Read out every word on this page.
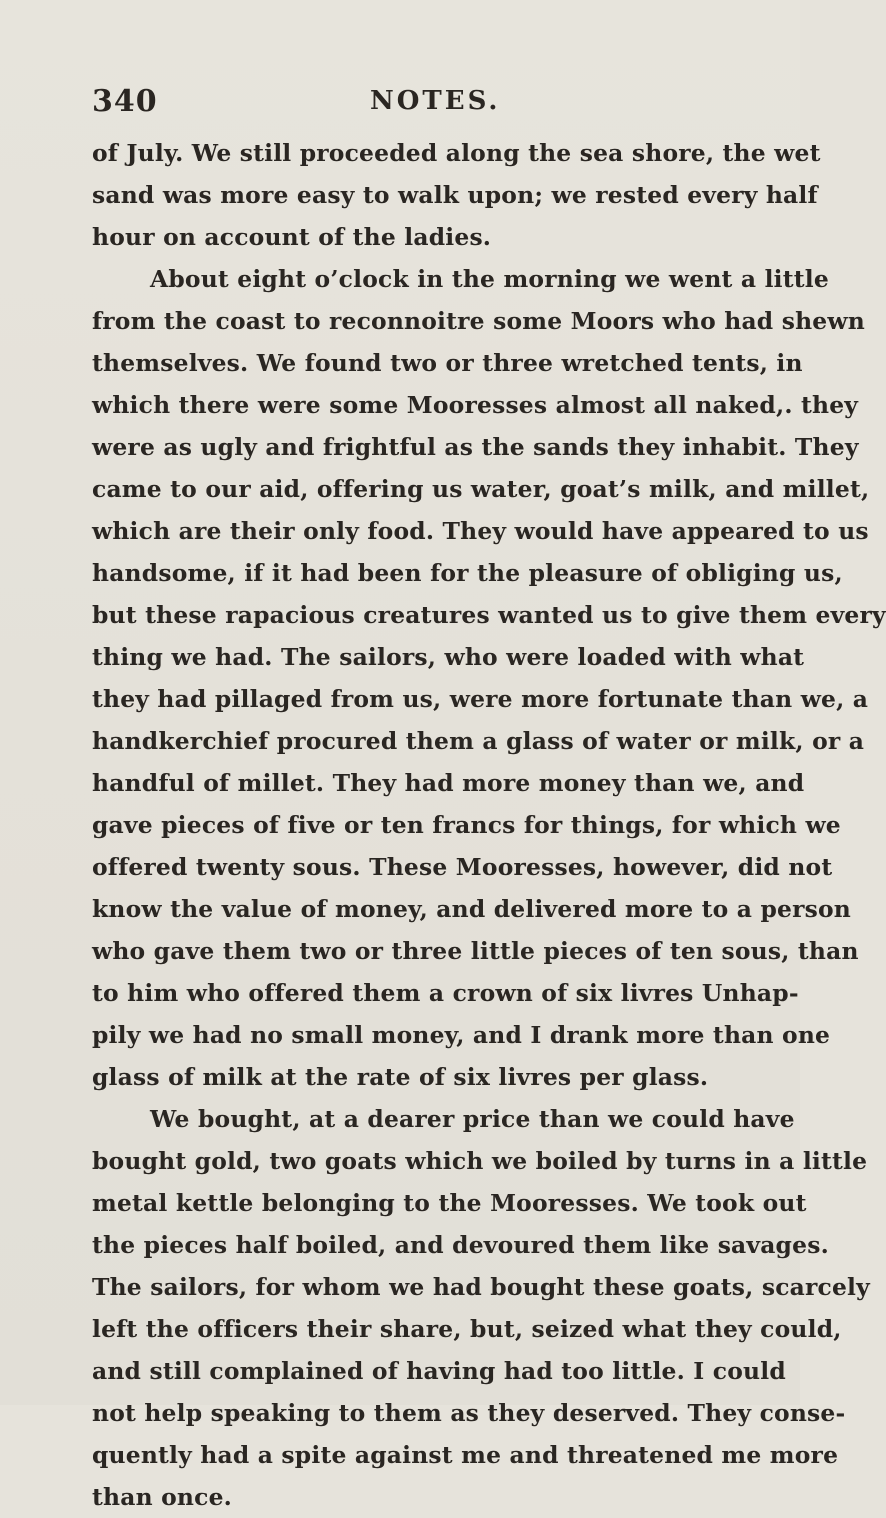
340	NOTES.
of July. We still proceeded along the sea shore, the wet
sand was more easy to walk upon; we rested every half
hour on account of the ladies.
About eight o’clock in the morning we went a little
from the coast to reconnoitre some Moors who had shewn
themselves. We found two or three wretched tents, in
which there were some Mooresses almost all naked,. they
were as ugly and frightful as the sands they inhabit. They
came to our aid, offering us water, goat’s milk, and millet,
which are their only food. They would have appeared to us
handsome, if it had been for the pleasure of obliging us,
but these rapacious creatures wanted us to give them every
thing we had. The sailors, who were loaded with what
they had pillaged from us, were more fortunate than we, a
handkerchief procured them a glass of water or milk, or a
handful of millet. They had more money than we, and
gave pieces of five or ten francs for things, for which we
offered twenty sous. These Mooresses, however, did not
know the value of money, and delivered more to a person
who gave them two or three little pieces of ten sous, than
to him who offered them a crown of six livres Unhap-
pily we had no small money, and I drank more than one
glass of milk at the rate of six livres per glass.
We bought, at a dearer price than we could have
bought gold, two goats which we boiled by turns in a little
metal kettle belonging to the Mooresses. We took out
the pieces half boiled, and devoured them like savages.
The sailors, for whom we had bought these goats, scarcely
left the officers their share, but, seized what they could,
and still complained of having had too little. I could
not help speaking to them as they deserved. They conse-
quently had a spite against me and threatened me more
than once.
